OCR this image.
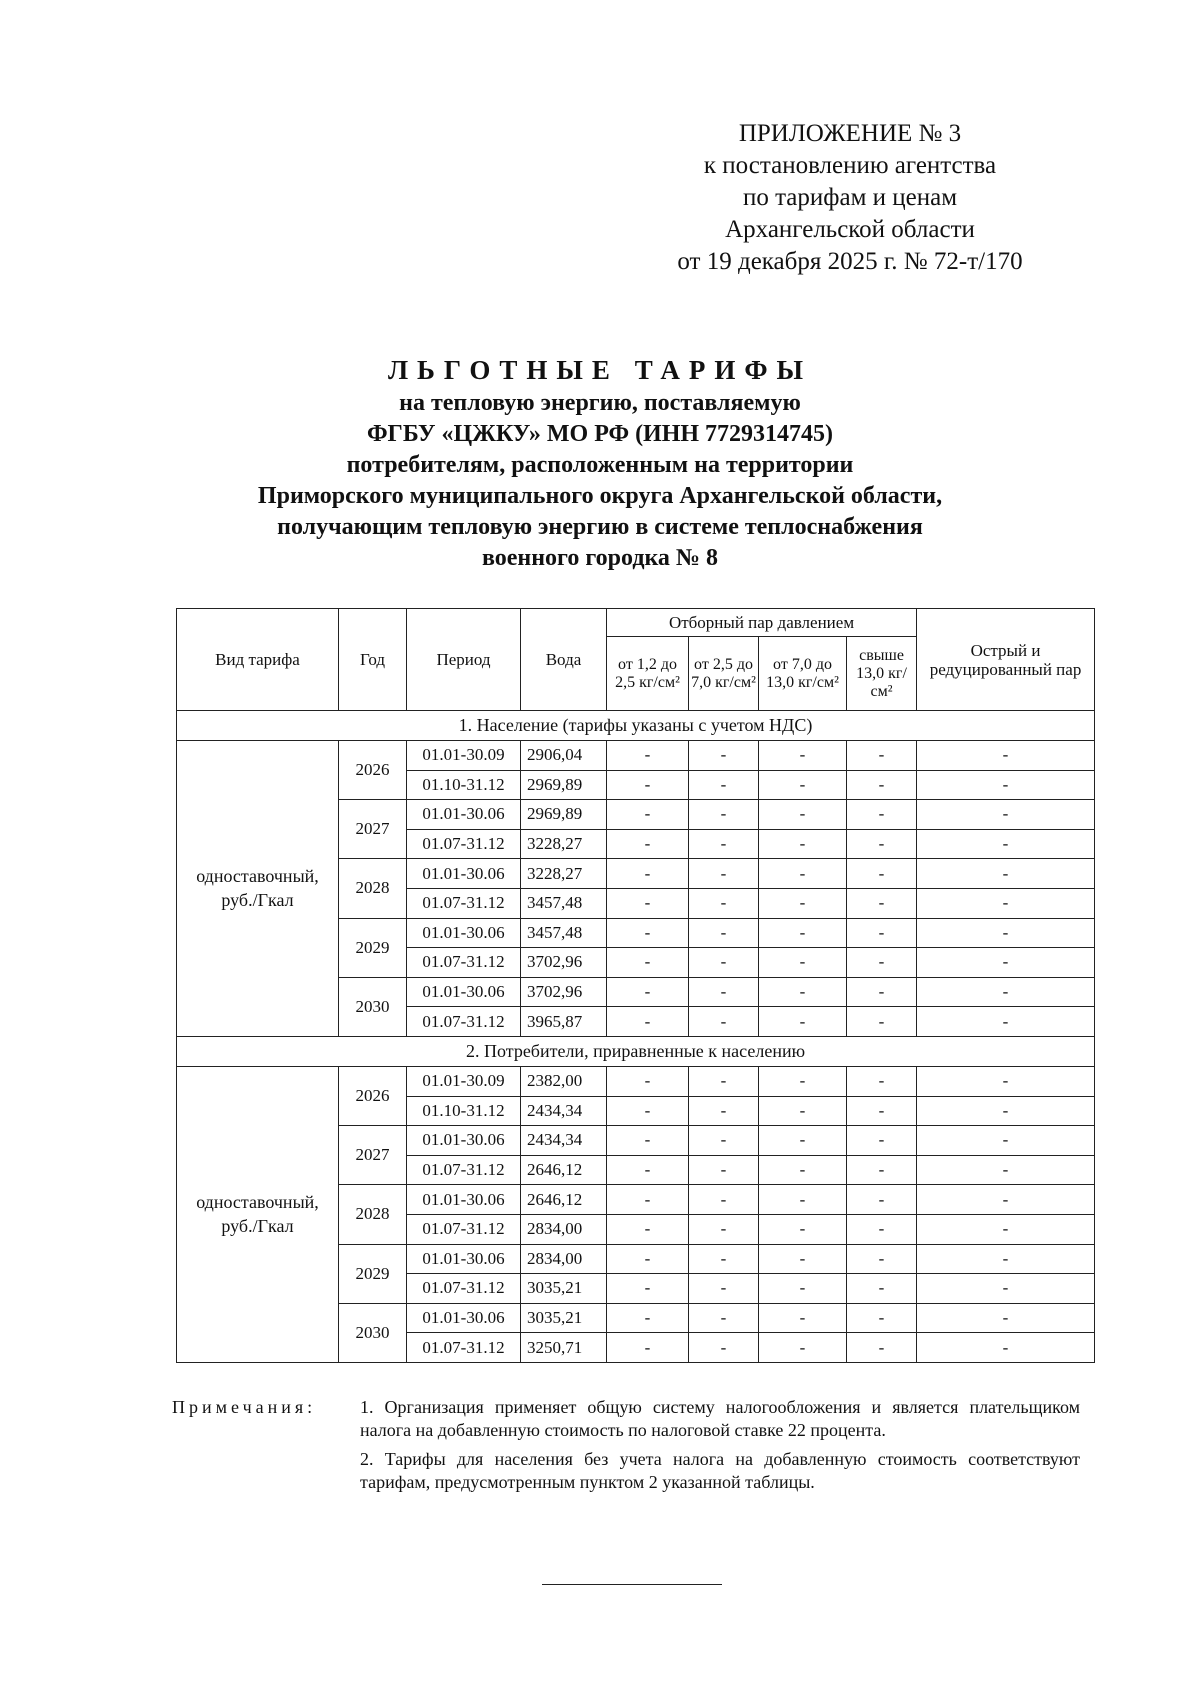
ПРИЛОЖЕНИЕ № 3
к постановлению агентства
по тарифам и ценам
Архангельской области
от 19 декабря 2025 г. № 72-т/170
ЛЬГОТНЫЕ ТАРИФЫ
на тепловую энергию, поставляемую
ФГБУ «ЦЖКУ» МО РФ (ИНН 7729314745)
потребителям, расположенным на территории
Приморского муниципального округа Архангельской области,
получающим тепловую энергию в системе теплоснабжения
военного городка № 8
Вид тарифа	Год	Период	Вода	Отборный пар давлением				Острый и редуцированный пар
				от 1,2 до 2,5 кг/см²	от 2,5 до 7,0 кг/см²	от 7,0 до 13,0 кг/см²	свыше 13,0 кг/см²	
1. Население (тарифы указаны с учетом НДС)								
одноставочный, руб./Гкал	2026	01.01-30.09	2906,04	-	-	-	-	-
		01.10-31.12	2969,89	-	-	-	-	-
	2027	01.01-30.06	2969,89	-	-	-	-	-
		01.07-31.12	3228,27	-	-	-	-	-
	2028	01.01-30.06	3228,27	-	-	-	-	-
		01.07-31.12	3457,48	-	-	-	-	-
	2029	01.01-30.06	3457,48	-	-	-	-	-
		01.07-31.12	3702,96	-	-	-	-	-
	2030	01.01-30.06	3702,96	-	-	-	-	-
		01.07-31.12	3965,87	-	-	-	-	-
2. Потребители, приравненные к населению								
одноставочный, руб./Гкал	2026	01.01-30.09	2382,00	-	-	-	-	-
		01.10-31.12	2434,34	-	-	-	-	-
	2027	01.01-30.06	2434,34	-	-	-	-	-
		01.07-31.12	2646,12	-	-	-	-	-
	2028	01.01-30.06	2646,12	-	-	-	-	-
		01.07-31.12	2834,00	-	-	-	-	-
	2029	01.01-30.06	2834,00	-	-	-	-	-
		01.07-31.12	3035,21	-	-	-	-	-
	2030	01.01-30.06	3035,21	-	-	-	-	-
		01.07-31.12	3250,71	-	-	-	-	-
Примечания: 1. Организация применяет общую систему налогообложения и является плательщиком налога на добавленную стоимость по налоговой ставке 22 процента.
2. Тарифы для населения без учета налога на добавленную стоимость соответствуют тарифам, предусмотренным пунктом 2 указанной таблицы.
